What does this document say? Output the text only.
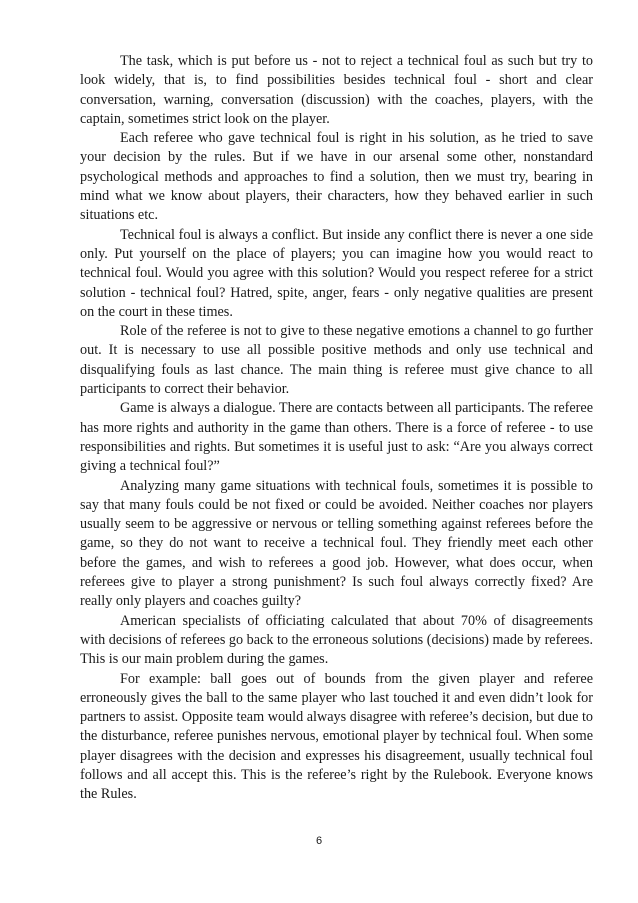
The task, which is put before us - not to reject a technical foul as such but try to look widely, that is, to find possibilities besides technical foul - short and clear conversation, warning, conversation (discussion) with the coaches, players, with the captain, sometimes strict look on the player.

Each referee who gave technical foul is right in his solution, as he tried to save your decision by the rules. But if we have in our arsenal some other, nonstandard psychological methods and approaches to find a solution, then we must try, bearing in mind what we know about players, their characters, how they behaved earlier in such situations etc.

Technical foul is always a conflict. But inside any conflict there is never a one side only. Put yourself on the place of players; you can imagine how you would react to technical foul. Would you agree with this solution? Would you respect referee for a strict solution - technical foul? Hatred, spite, anger, fears - only negative qualities are present on the court in these times.

Role of the referee is not to give to these negative emotions a channel to go further out. It is necessary to use all possible positive methods and only use technical and disqualifying fouls as last chance. The main thing is referee must give chance to all participants to correct their behavior.

Game is always a dialogue. There are contacts between all participants. The referee has more rights and authority in the game than others. There is a force of referee - to use responsibilities and rights. But sometimes it is useful just to ask: “Are you always correct giving a technical foul?”

Analyzing many game situations with technical fouls, sometimes it is possible to say that many fouls could be not fixed or could be avoided. Neither coaches nor players usually seem to be aggressive or nervous or telling something against referees before the game, so they do not want to receive a technical foul. They friendly meet each other before the games, and wish to referees a good job. However, what does occur, when referees give to player a strong punishment? Is such foul always correctly fixed? Are really only players and coaches guilty?

American specialists of officiating calculated that about 70% of disagreements with decisions of referees go back to the erroneous solutions (decisions) made by referees. This is our main problem during the games.

For example: ball goes out of bounds from the given player and referee erroneously gives the ball to the same player who last touched it and even didn’t look for partners to assist. Opposite team would always disagree with referee’s decision, but due to the disturbance, referee punishes nervous, emotional player by technical foul. When some player disagrees with the decision and expresses his disagreement, usually technical foul follows and all accept this. This is the referee’s right by the Rulebook. Everyone knows the Rules.

6
